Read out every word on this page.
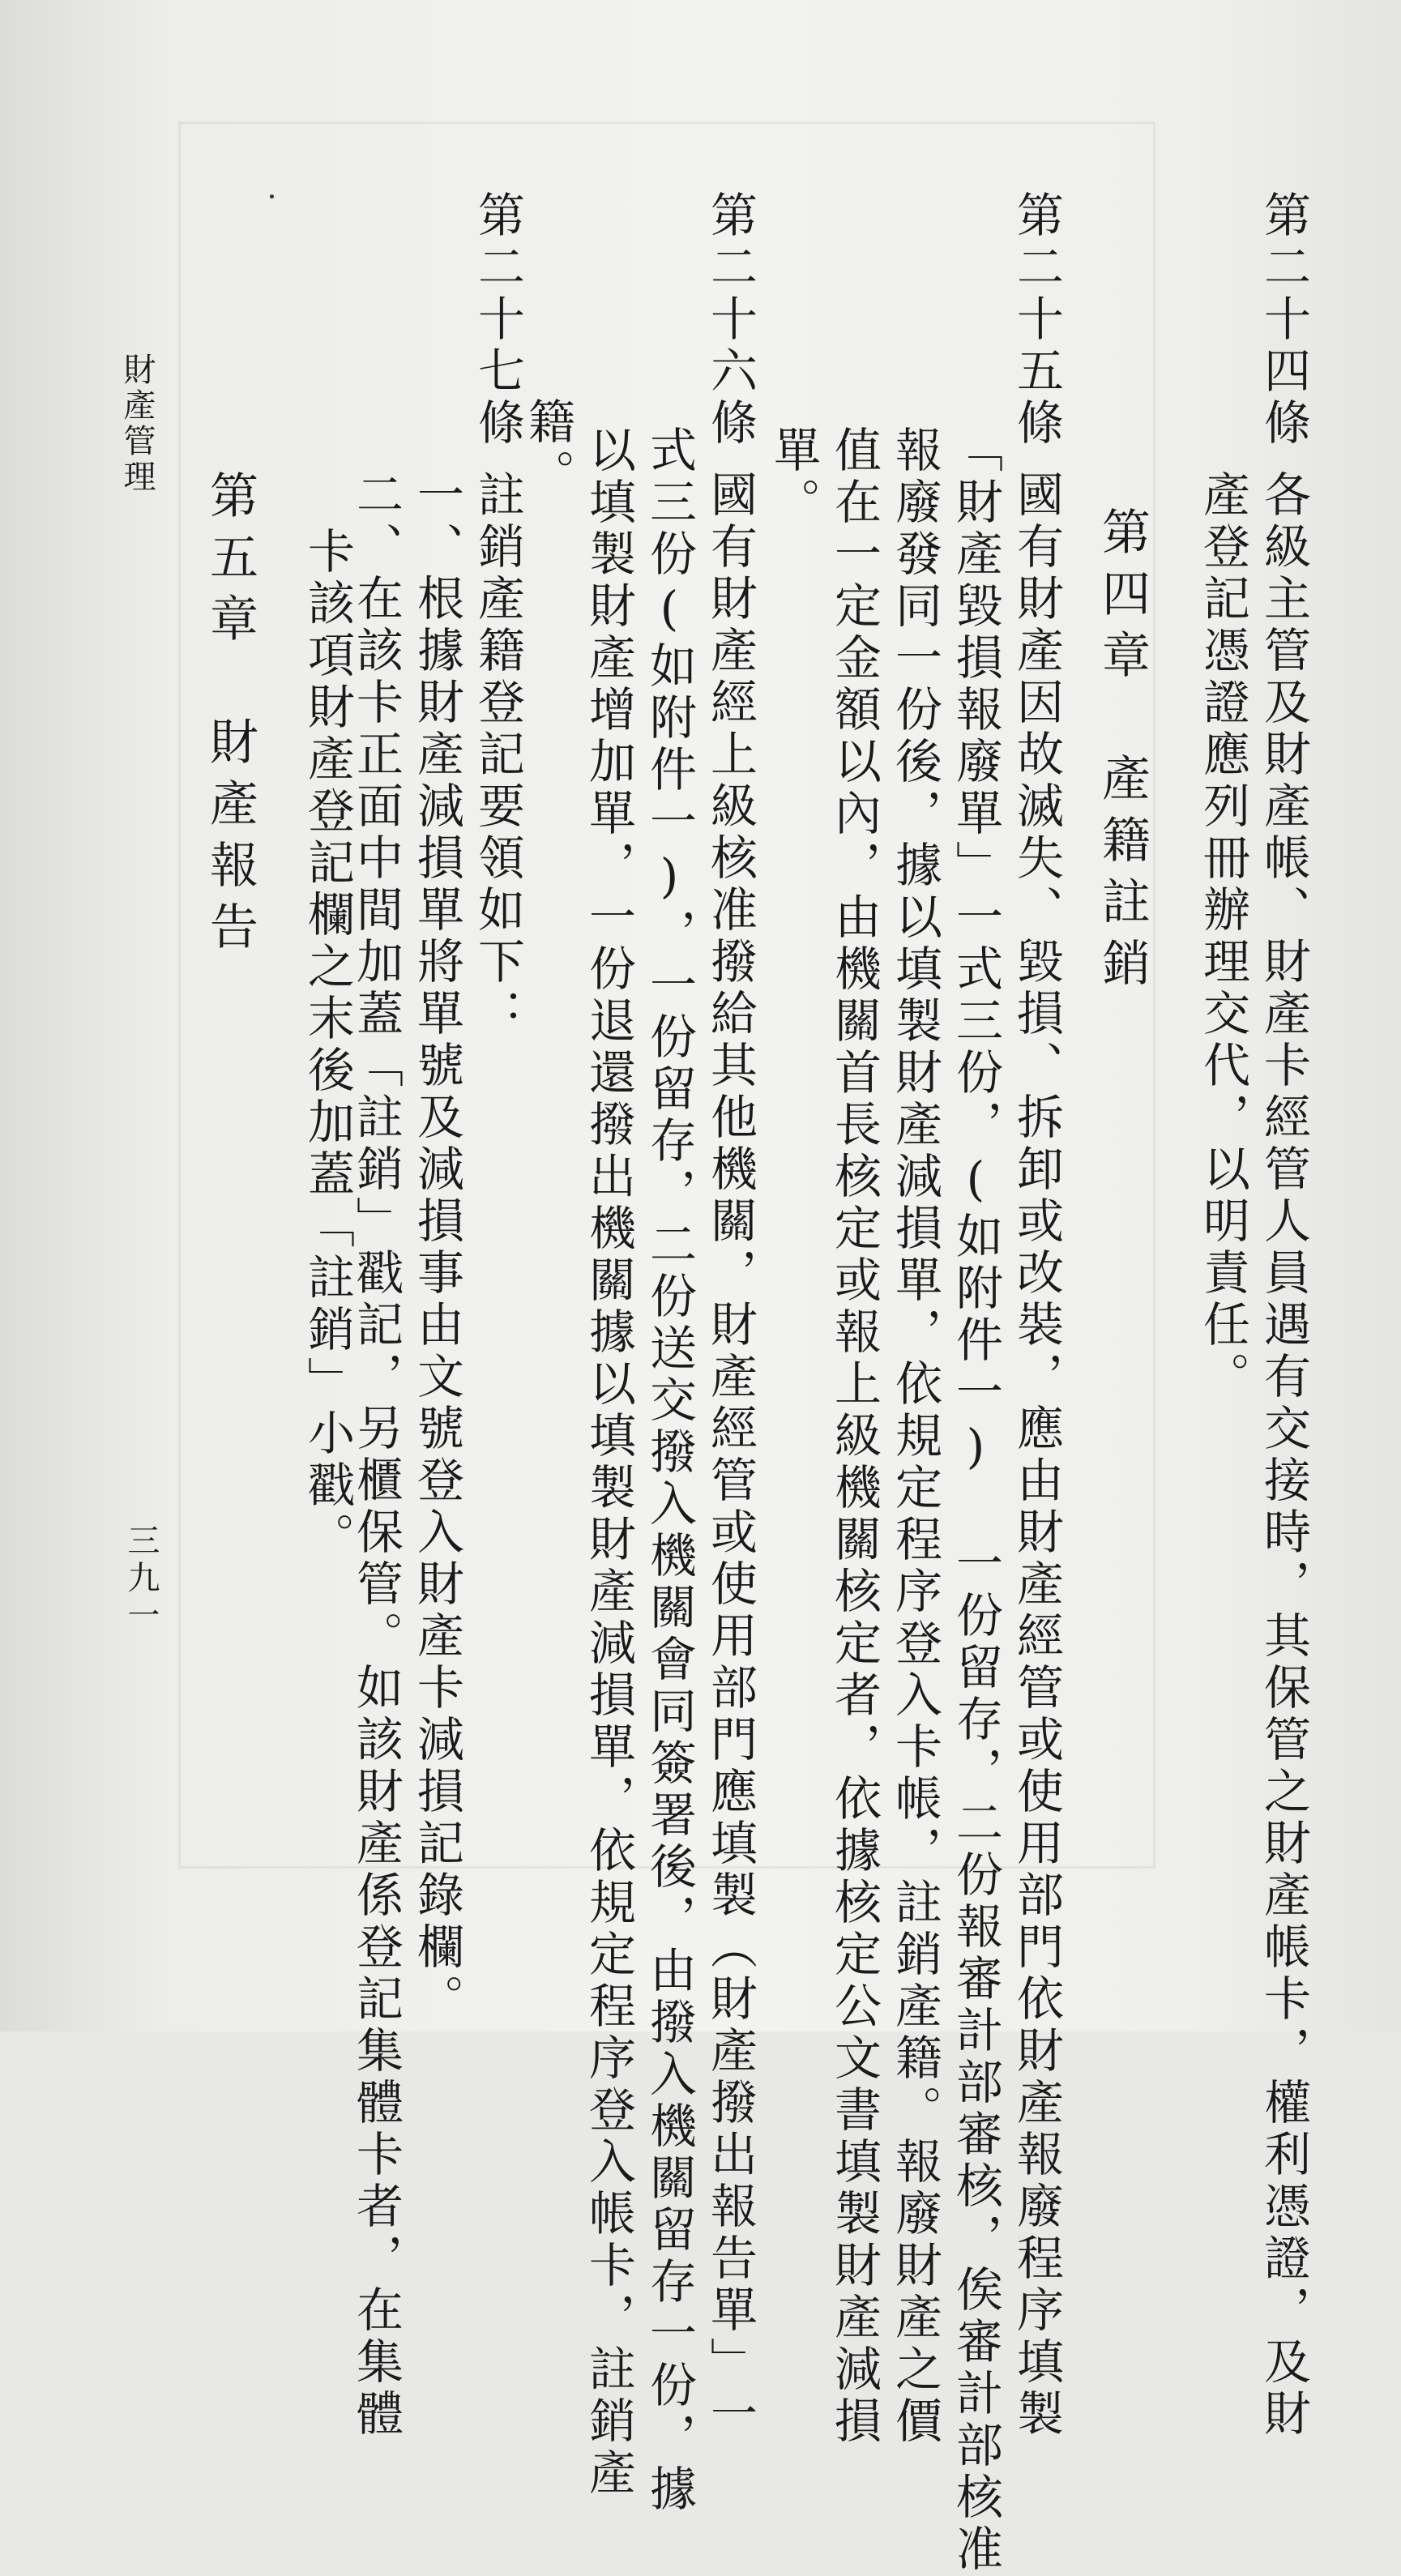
第二十四條
各級主管及財產帳、財產卡經管人員遇有交接時，其保管之財產帳卡，權利憑證，及財
產登記憑證應列冊辦理交代，以明責任。
第四章　產籍註銷
第二十五條
國有財產因故滅失、毀損、拆卸或改裝，應由財產經管或使用部門依財產報廢程序填製
「財產毀損報廢單」一式三份，(如附件一) 一份留存，二份報審計部審核，俟審計部核准
報廢發同一份後，據以填製財產減損單，依規定程序登入卡帳，註銷產籍。報廢財產之價
值在一定金額以內，由機關首長核定或報上級機關核定者，依據核定公文書填製財產減損
單。
第二十六條
國有財產經上級核准撥給其他機關，財產經管或使用部門應填製（財產撥出報告單」一
式三份(如附件一)，一份留存，二份送交撥入機關會同簽署後，由撥入機關留存一份，據
以填製財產增加單，一份退還撥出機關據以填製財產減損單，依規定程序登入帳卡，註銷產
籍。
第二十七條
註銷產籍登記要領如下：
一、根據財產減損單將單號及減損事由文號登入財產卡減損記錄欄。
二、在該卡正面中間加蓋「註銷」戳記，另櫃保管。如該財產係登記集體卡者，在集體
卡該項財產登記欄之末後加蓋「註銷」小戳。
第五章　財產報告
財產管理
三九一
